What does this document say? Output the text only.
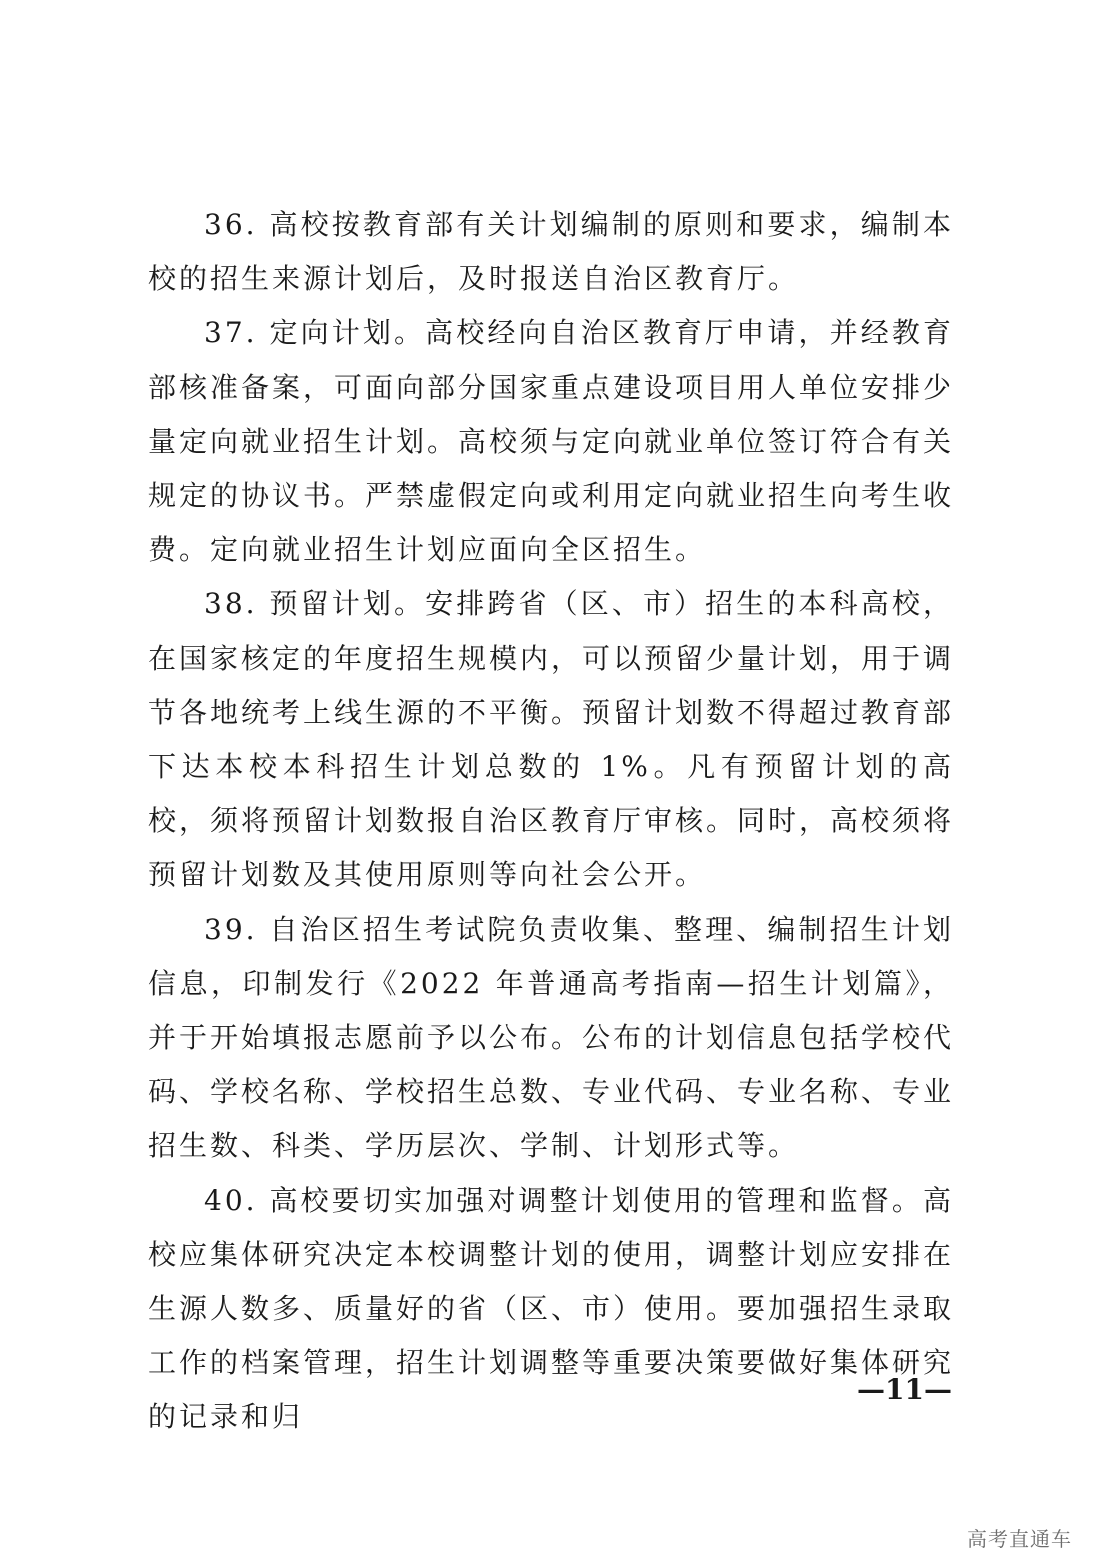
36. 高校按教育部有关计划编制的原则和要求，编制本校的招生来源计划后，及时报送自治区教育厅。

37. 定向计划。高校经向自治区教育厅申请，并经教育部核准备案，可面向部分国家重点建设项目用人单位安排少量定向就业招生计划。高校须与定向就业单位签订符合有关规定的协议书。严禁虚假定向或利用定向就业招生向考生收费。定向就业招生计划应面向全区招生。

38. 预留计划。安排跨省（区、市）招生的本科高校，在国家核定的年度招生规模内，可以预留少量计划，用于调节各地统考上线生源的不平衡。预留计划数不得超过教育部下达本校本科招生计划总数的 1%。凡有预留计划的高校，须将预留计划数报自治区教育厅审核。同时，高校须将预留计划数及其使用原则等向社会公开。

39. 自治区招生考试院负责收集、整理、编制招生计划信息，印制发行《2022 年普通高考指南—招生计划篇》，并于开始填报志愿前予以公布。公布的计划信息包括学校代码、学校名称、学校招生总数、专业代码、专业名称、专业招生数、科类、学历层次、学制、计划形式等。

40. 高校要切实加强对调整计划使用的管理和监督。高校应集体研究决定本校调整计划的使用，调整计划应安排在生源人数多、质量好的省（区、市）使用。要加强招生录取工作的档案管理，招生计划调整等重要决策要做好集体研究的记录和归

—11—
高考直通车
